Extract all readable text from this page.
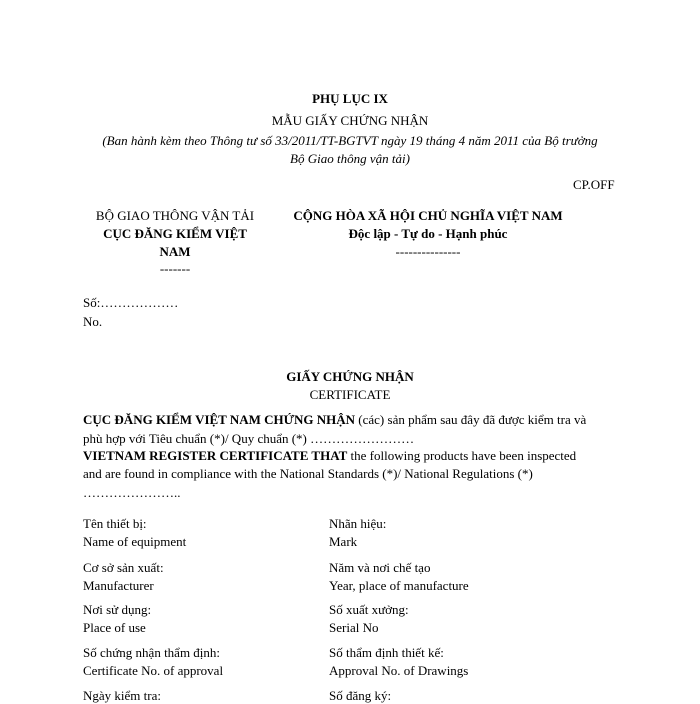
PHỤ LỤC IX
MẪU GIẤY CHỨNG NHẬN
(Ban hành kèm theo Thông tư số 33/2011/TT-BGTVT ngày 19 tháng 4 năm 2011 của Bộ trưởng
Bộ Giao thông vận tải)
CP.OFF
BỘ GIAO THÔNG VẬN TẢI
CỤC ĐĂNG KIỂM VIỆT
NAM
-------
Số:………………
No.
CỘNG HÒA XÃ HỘI CHỦ NGHĨA VIỆT NAM
Độc lập - Tự do - Hạnh phúc
---------------
GIẤY CHỨNG NHẬN
CERTIFICATE
CỤC ĐĂNG KIỂM VIỆT NAM CHỨNG NHẬN (các) sản phẩm sau đây đã được kiểm tra và
phù hợp với Tiêu chuẩn (*)/ Quy chuẩn (*) ……………………
VIETNAM REGISTER CERTIFICATE THAT the following products have been inspected
and are found in compliance with the National Standards (*)/ National Regulations (*)
…………………..
Tên thiết bị:
Name of equipment
Nhãn hiệu:
Mark
Cơ sở sản xuất:
Manufacturer
Năm và nơi chế tạo
Year, place of manufacture
Nơi sử dụng:
Place of use
Số xuất xưởng:
Serial No
Số chứng nhận thẩm định:
Certificate No. of approval
Số thẩm định thiết kế:
Approval No. of Drawings
Ngày kiểm tra:	Số đăng ký:
